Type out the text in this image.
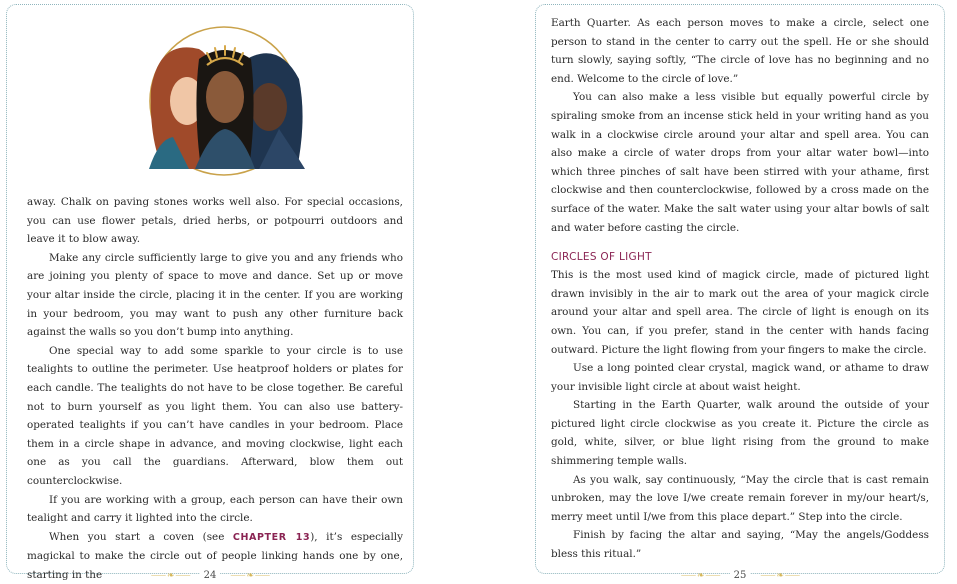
away. Chalk on paving stones works well also. For special occasions, you can use flower petals, dried herbs, or potpourri outdoors and leave it to blow away.

Make any circle sufficiently large to give you and any friends who are joining you plenty of space to move and dance. Set up or move your altar inside the circle, placing it in the center. If you are working in your bedroom, you may want to push any other furniture back against the walls so you don’t bump into anything.

One special way to add some sparkle to your circle is to use tealights to outline the perimeter. Use heatproof holders or plates for each candle. The tealights do not have to be close together. Be careful not to burn yourself as you light them. You can also use battery-operated tealights if you can’t have candles in your bedroom. Place them in a circle shape in advance, and moving clockwise, light each one as you call the guardians. Afterward, blow them out counterclockwise.

If you are working with a group, each person can have their own tealight and carry it lighted into the circle.

When you start a coven (see CHAPTER 13), it’s especially magickal to make the circle out of people linking hands one by one, starting in the	⸺ ❧ ⸺ 24 ⸺ ❧ ⸺

Earth Quarter. As each person moves to make a circle, select one person to stand in the center to carry out the spell. He or she should turn slowly, saying softly, “The circle of love has no beginning and no end. Welcome to the circle of love.”

You can also make a less visible but equally powerful circle by spiraling smoke from an incense stick held in your writing hand as you walk in a clockwise circle around your altar and spell area. You can also make a circle of water drops from your altar water bowl—into which three pinches of salt have been stirred with your athame, first clockwise and then counterclockwise, followed by a cross made on the surface of the water. Make the salt water using your altar bowls of salt and water before casting the circle.

CIRCLES OF LIGHT

This is the most used kind of magick circle, made of pictured light drawn invisibly in the air to mark out the area of your magick circle around your altar and spell area. The circle of light is enough on its own. You can, if you prefer, stand in the center with hands facing outward. Picture the light flowing from your fingers to make the circle.

Use a long pointed clear crystal, magick wand, or athame to draw your invisible light circle at about waist height.

Starting in the Earth Quarter, walk around the outside of your pictured light circle clockwise as you create it. Picture the circle as gold, white, silver, or blue light rising from the ground to make shimmering temple walls.

As you walk, say continuously, “May the circle that is cast remain unbroken, may the love I/we create remain forever in my/our heart/s, merry meet until I/we from this place depart.” Step into the circle.

Finish by facing the altar and saying, “May the angels/Goddess bless this ritual.”

⸺ ❧ ⸺ 25 ⸺ ❧ ⸺
